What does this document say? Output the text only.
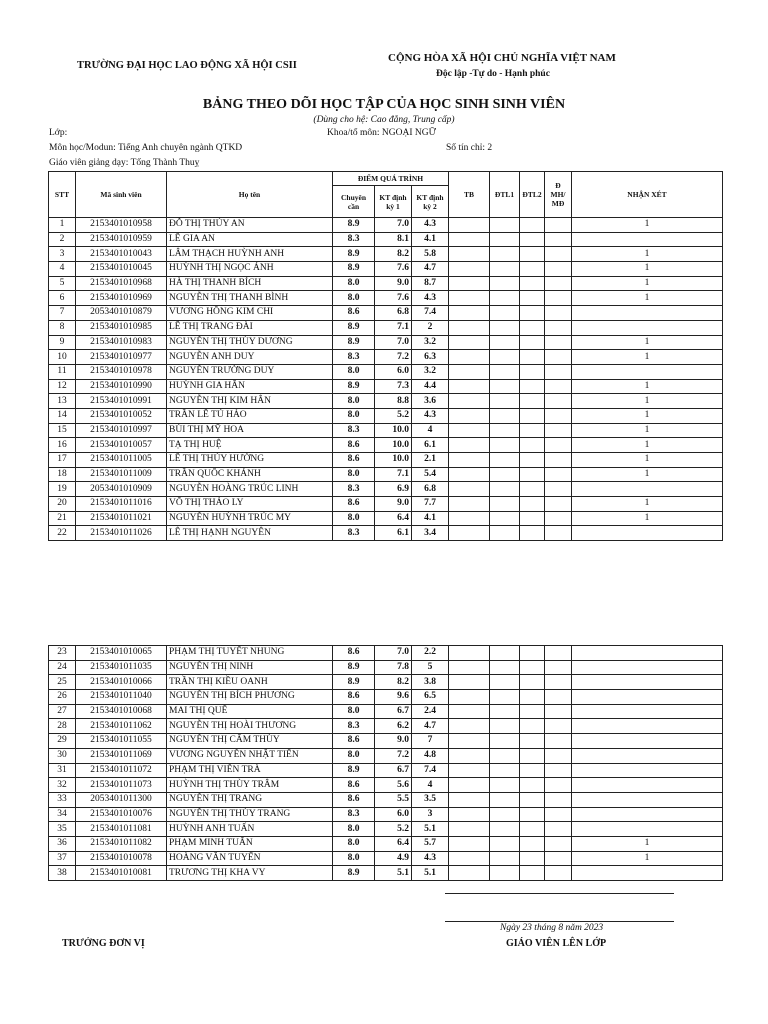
TRƯỜNG ĐẠI HỌC LAO ĐỘNG XÃ HỘI CSII
CỘNG HÒA XÃ HỘI CHỦ NGHĨA VIỆT NAM
Độc lập -Tự do - Hạnh phúc
BẢNG THEO DÕI HỌC TẬP CỦA HỌC SINH SINH VIÊN
(Dùng cho hệ: Cao đẳng, Trung cấp)
Lớp:	Khoa/tổ môn: NGOẠI NGỮ
Môn học/Modun: Tiếng Anh chuyên ngành QTKD	Số tín chỉ: 2
Giáo viên giảng dạy: Tống Thành Thuỵ
STT	Mã sinh viên	Họ tên	ĐIỂM QUÁ TRÌNH			TB	ĐTL1	ĐTL2	Đ MH/ MĐ	NHẬN XÉT
			Chuyên cần	KT định kỳ 1	KT định kỳ 2					
1	2153401010958	ĐỖ THỊ THÚY AN	8.9	7.0	4.3					1
2	2153401010959	LÊ GIA AN	8.3	8.1	4.1					
3	2153401010043	LÂM THẠCH HUỲNH ANH	8.9	8.2	5.8					1
4	2153401010045	HUỲNH THỊ NGỌC ÁNH	8.9	7.6	4.7					1
5	2153401010968	HÀ THỊ THANH BÍCH	8.0	9.0	8.7					1
6	2153401010969	NGUYỄN THỊ THANH BÌNH	8.0	7.6	4.3					1
7	2053401010879	VƯƠNG HỒNG KIM CHI	8.6	6.8	7.4					
8	2153401010985	LÊ THỊ TRANG ĐÀI	8.9	7.1	2					
9	2153401010983	NGUYỄN THỊ THÙY DƯƠNG	8.9	7.0	3.2					1
10	2153401010977	NGUYỄN ANH DUY	8.3	7.2	6.3					1
11	2153401010978	NGUYỄN TRƯỜNG DUY	8.0	6.0	3.2					
12	2153401010990	HUỲNH GIA HÂN	8.9	7.3	4.4					1
13	2153401010991	NGUYỄN THỊ KIM HÂN	8.0	8.8	3.6					1
14	2153401010052	TRẦN LÊ TÚ HẢO	8.0	5.2	4.3					1
15	2153401010997	BÙI THỊ MỸ HOA	8.3	10.0	4					1
16	2153401010057	TẠ THỊ HUỆ	8.6	10.0	6.1					1
17	2153401011005	LÊ THỊ THÚY HƯỜNG	8.6	10.0	2.1					1
18	2153401011009	TRẦN QUỐC KHÁNH	8.0	7.1	5.4					1
19	2053401010909	NGUYỄN HOÀNG TRÚC LINH	8.3	6.9	6.8					
20	2153401011016	VÕ THỊ THẢO LY	8.6	9.0	7.7					1
21	2153401011021	NGUYỄN HUỲNH TRÚC MY	8.0	6.4	4.1					1
22	2153401011026	LÊ THỊ HẠNH NGUYÊN	8.3	6.1	3.4					
23	2153401010065	PHẠM THỊ TUYẾT NHUNG	8.6	7.0	2.2					
24	2153401011035	NGUYỄN THỊ NINH	8.9	7.8	5					
25	2153401010066	TRẦN THỊ KIỀU OANH	8.9	8.2	3.8					
26	2153401011040	NGUYỄN THỊ BÍCH PHƯƠNG	8.6	9.6	6.5					
27	2153401010068	MAI THỊ QUẾ	8.0	6.7	2.4					
28	2153401011062	NGUYỄN THỊ HOÀI THƯƠNG	8.3	6.2	4.7					
29	2153401011055	NGUYỄN THỊ CẨM THÙY	8.6	9.0	7					
30	2153401011069	VƯƠNG NGUYỄN NHẬT TIẾN	8.0	7.2	4.8					
31	2153401011072	PHẠM THỊ VIỄN TRÀ	8.9	6.7	7.4					
32	2153401011073	HUỲNH THỊ THÙY TRÂM	8.6	5.6	4					
33	2053401011300	NGUYỄN THỊ TRANG	8.6	5.5	3.5					
34	2153401010076	NGUYỄN THỊ THÙY TRANG	8.3	6.0	3					
35	2153401011081	HUỲNH ANH TUẤN	8.0	5.2	5.1					
36	2153401011082	PHẠM MINH TUẤN	8.0	6.4	5.7					1
37	2153401010078	HOÀNG VĂN TUYỂN	8.0	4.9	4.3					1
38	2153401010081	TRƯƠNG THỊ KHA VY	8.9	5.1	5.1					
Ngày 23 tháng 8 năm 2023
TRƯỞNG ĐƠN VỊ	GIÁO VIÊN LÊN LỚP
